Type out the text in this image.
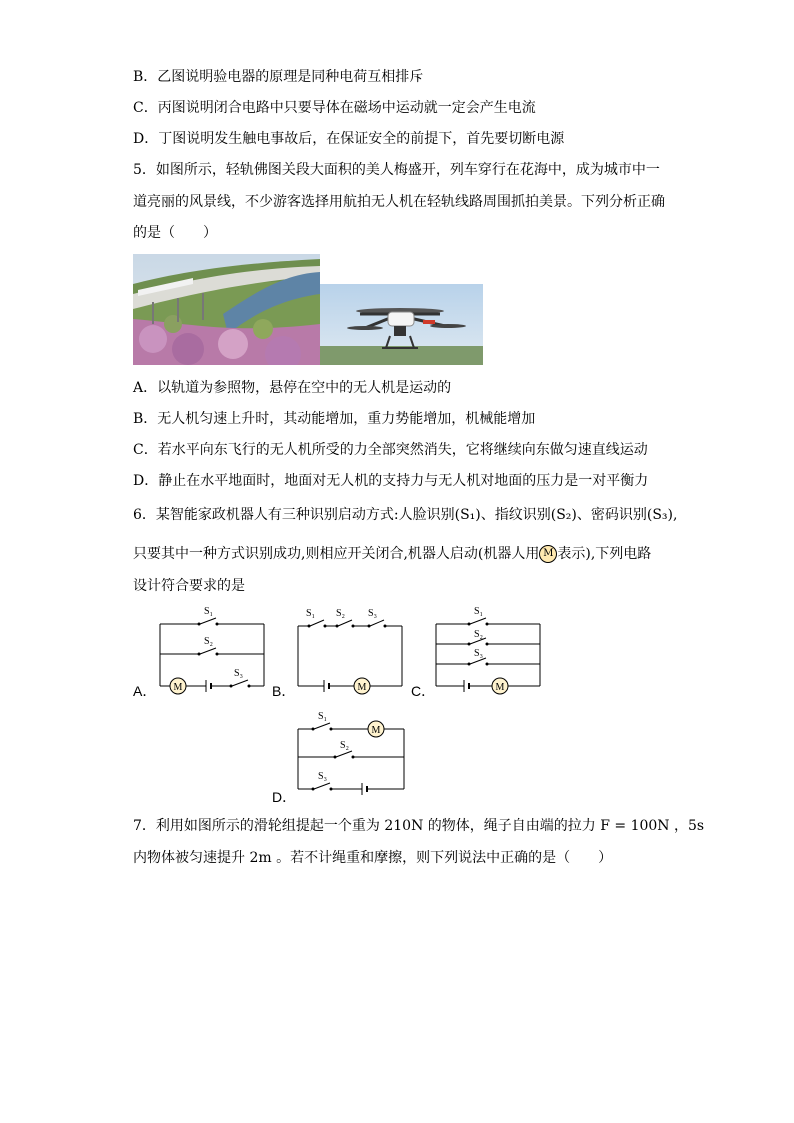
B．乙图说明验电器的原理是同种电荷互相排斥
C．丙图说明闭合电路中只要导体在磁场中运动就一定会产生电流
D．丁图说明发生触电事故后，在保证安全的前提下，首先要切断电源
5．如图所示，轻轨佛图关段大面积的美人梅盛开，列车穿行在花海中，成为城市中一
道亮丽的风景线，不少游客选择用航拍无人机在轻轨线路周围抓拍美景。下列分析正确
的是（　　）
A．以轨道为参照物，悬停在空中的无人机是运动的
B．无人机匀速上升时，其动能增加，重力势能增加，机械能增加
C．若水平向东飞行的无人机所受的力全部突然消失，它将继续向东做匀速直线运动
D．静止在水平地面时，地面对无人机的支持力与无人机对地面的压力是一对平衡力
6．某智能家政机器人有三种识别启动方式:人脸识别(S₁)、指纹识别(S₂)、密码识别(S₃),
只要其中一种方式识别成功,则相应开关闭合,机器人启动(机器人用 M 表示),下列电路
设计符合要求的是
A．	B．	C．
D．
S₁
S₂
S₃
M
S₁ S₂ S₃
M
S₁
S₂
S₃
M
S₁
S₂
S₃
M
7．利用如图所示的滑轮组提起一个重为 210N 的物体，绳子自由端的拉力 F = 100N ，5s
内物体被匀速提升 2m 。若不计绳重和摩擦，则下列说法中正确的是（　　）
